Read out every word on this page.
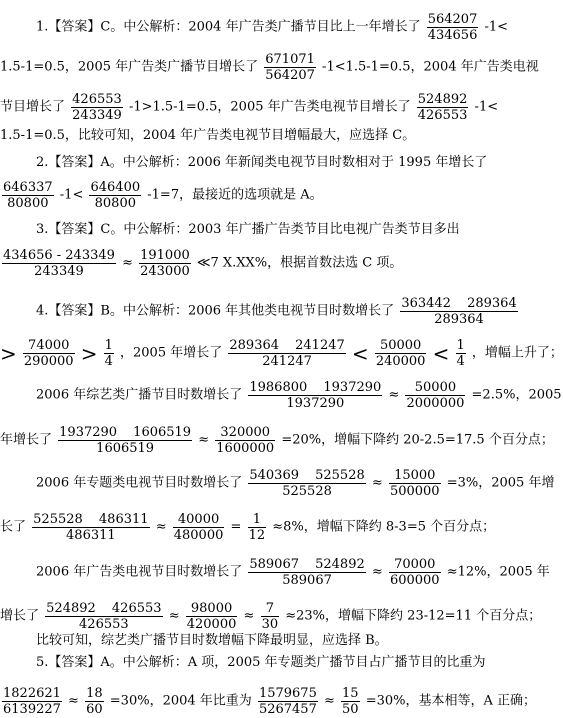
1.【答案】C。中公解析：2004 年广告类广播节目比上一年增长了 $\frac{564207}{434656} -1<$
1.5-1=0.5，2005 年广告类广播节目增长了 $\frac{671071}{564207} -1<1.5-1=0.5$，2004 年广告类电视
节目增长了 $\frac{426553}{243349} -1>1.5-1=0.5$，2005 年广告类电视节目增长了 $\frac{524892}{426553} -1<$
1.5-1=0.5，比较可知，2004 年广告类电视节目增幅最大，应选择 C。
2.【答案】A。中公解析：2006 年新闻类电视节目时数相对于 1995 年增长了
$\frac{646337}{80800} -1< \frac{646400}{80800} -1=7$，最接近的选项就是 A。
3.【答案】C。中公解析：2003 年广播广告类节目比电视广告类节目多出
$\frac{434656 - 243349}{243349} \approx \frac{191000}{243000}$ ≪7 X.XX%，根据首数法选 C 项。
4.【答案】B。中公解析：2006 年其他类电视节目时数增长了 $\frac{363442 289364}{289364}$
> $\frac{74000}{290000} > \frac{1}{4}$ ，2005 年增长了 $\frac{289364 241247}{241247} < \frac{50000}{240000} < \frac{1}{4}$ ，增幅上升了；
2006 年综艺类广播节目时数增长了 $\frac{1986800 1937290}{1937290} \approx \frac{50000}{2000000} =2.5\%$，2005
年增长了 $\frac{1937290 1606519}{1606519} \approx \frac{320000}{1600000} =20\%$，增幅下降约 20-2.5=17.5 个百分点；
2006 年专题类电视节目时数增长了 $\frac{540369 525528}{525528} \approx \frac{15000}{500000} =3\%$，2005 年增
长了 $\frac{525528 486311}{486311} \approx \frac{40000}{480000} = \frac{1}{12} \approx 8\%$，增幅下降约 8-3=5 个百分点；
2006 年广告类电视节目时数增长了 $\frac{589067 524892}{589067} \approx \frac{70000}{600000} \approx 12\%$，2005 年
增长了 $\frac{524892 426553}{426553} \approx \frac{98000}{420000} \approx \frac{7}{30} \approx 23\%$，增幅下降约 23-12=11 个百分点；
比较可知，综艺类广播节目时数增幅下降最明显，应选择 B。
5.【答案】A。中公解析：A 项，2005 年专题类广播节目占广播节目的比重为
$\frac{1822621}{6139227} \approx \frac{18}{60} =30\%$，2004 年比重为 $\frac{1579675}{5267457} \approx \frac{15}{50} =30\%$，基本相等，A 正确；
